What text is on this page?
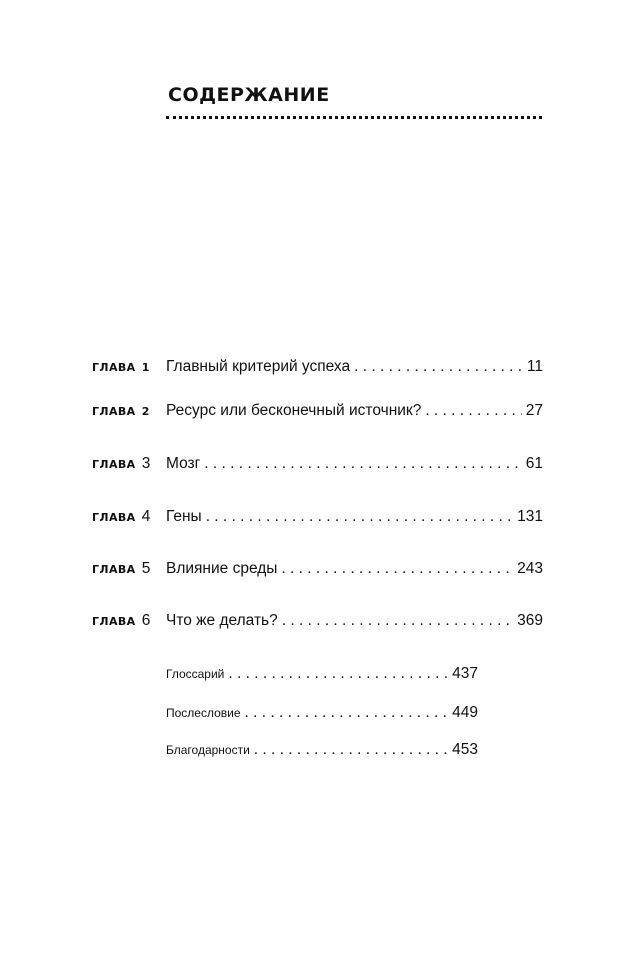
СОДЕРЖАНИЕ
ГЛАВА 1	Главный критерий успеха . . .	11
ГЛАВА 2	Ресурс или бесконечный источник? . . .	27
ГЛАВА 3 Мозг . . .	61
ГЛАВА 4 Гены . . .	131
ГЛАВА 5 Влияние среды . . .	243
ГЛАВА 6 Что же делать? . . .	369
Глоссарий . . .	437
Послесловие . . .	449
Благодарности . . .	453
